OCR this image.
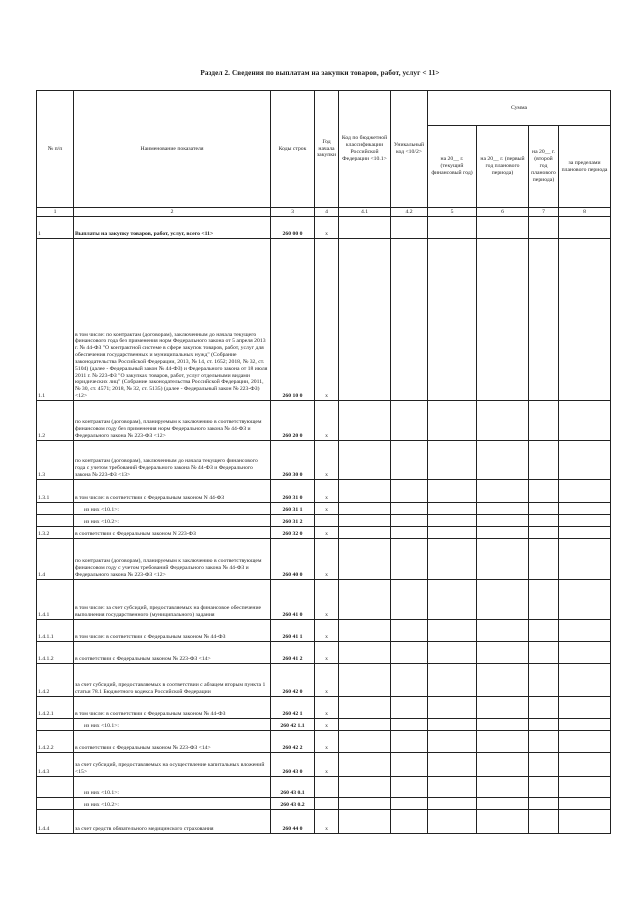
Раздел 2. Сведения по выплатам на закупки товаров, работ, услуг < 11>
№ п/п	Наименование показателя	Коды строк	Год начала закупки	Код по бюджетной классификации Российской Федерации <10.1>	Уникальный код <10/2>	Сумма			
						на 20__ г. (текущий финансовый год)	на 20__ г. (первый год планового периода)	на 20__ г. (второй год планового периода)	за пределами планового периода
1	2	3	4	4.1	4.2	5	6	7	8
1	Выплаты на закупку товаров, работ, услуг, всего <11>	260 00 0	x						
1.1	в том числе: по контрактам (договорам), заключенным до начала текущего финансового года без применения норм Федерального закона от 5 апреля 2013 г. № 44-ФЗ "О контрактной системе в сфере закупок товаров, работ, услуг для обеспечения государственных и муниципальных нужд" (Собрание законодательства Российской Федерации, 2013, № 14, ст. 1652; 2018, № 32, ст. 5104) (далее - Федеральный закон № 44-ФЗ) и Федерального закона от 18 июля 2011 г. № 223-ФЗ "О закупках товаров, работ, услуг отдельными видами юридических лиц" (Собрание законодательства Российской Федерации, 2011, № 30, ст. 4571; 2018, № 32, ст. 5135) (далее - Федеральный закон № 223-ФЗ) <12>	260 10 0	x						
1.2	по контрактам (договорам), планируемым к заключению в соответствующем финансовом году без применения норм Федерального закона № 44-ФЗ и Федерального закона № 223-ФЗ <12>	260 20 0	x						
1.3	по контрактам (договорам), заключенным до начала текущего финансового года с учетом требований Федерального закона № 44-ФЗ и Федерального закона № 223-ФЗ <13>	260 30 0	x						
1.3.1	в том числе: в соответствии с Федеральным законом N 44-ФЗ	260 31 0	x						
	из них <10.1>:	260 31 1	x						
	из них <10.2>:	260 31 2							
1.3.2	в соответствии с Федеральным законом N 223-ФЗ	260 32 0	x						
1.4	по контрактам (договорам), планируемым к заключению в соответствующем финансовом году с учетом требований Федерального закона № 44-ФЗ и Федерального закона № 223-ФЗ <12>	260 40 0	x						
1.4.1	в том числе: за счет субсидий, предоставляемых на финансовое обеспечение выполнения государственного (муниципального) задания	260 41 0	x						
1.4.1.1	в том числе: в соответствии с Федеральным законом № 44-ФЗ	260 41 1	x						
1.4.1.2	в соответствии с Федеральным законом № 223-ФЗ <14>	260 41 2	x						
1.4.2	за счет субсидий, предоставляемых в соответствии с абзацем вторым пункта 1 статьи 78.1 Бюджетного кодекса Российской Федерации	260 42 0	x						
1.4.2.1	в том числе: в соответствии с Федеральным законом № 44-ФЗ	260 42 1	x						
	из них <10.1>:	260 42 1.1	x						
1.4.2.2	в соответствии с Федеральным законом № 223-ФЗ <14>	260 42 2	x						
1.4.3	за счет субсидий, предоставляемых на осуществление капитальных вложений <15>	260 43 0	x						
	из них <10.1>:	260 43 0.1							
	из них <10.2>:	260 43 0.2							
1.4.4	за счет средств обязательного медицинского страхования	260 44 0	x						
